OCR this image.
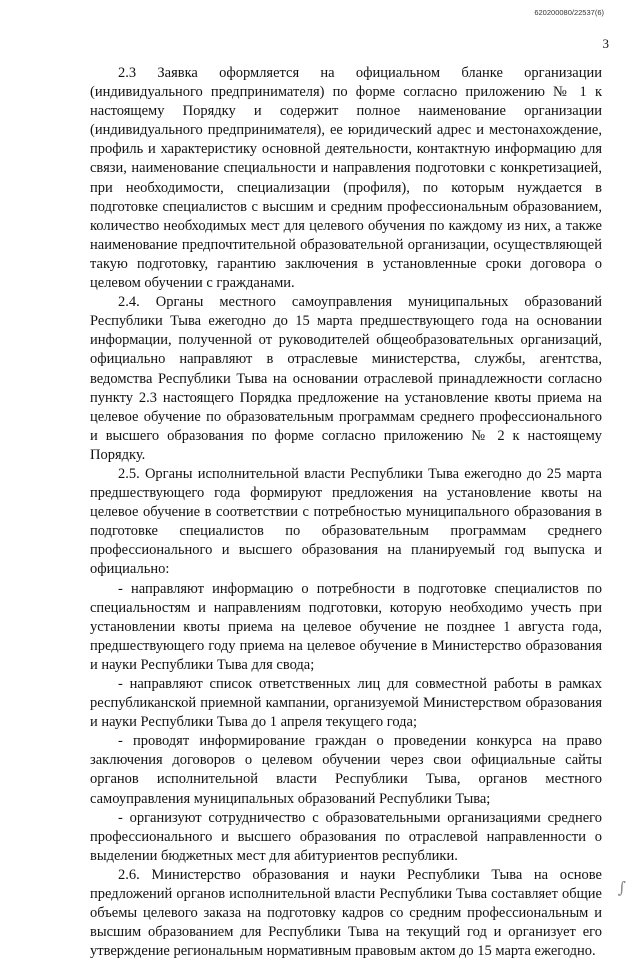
620200080/22537(6)
3

2.3 Заявка оформляется на официальном бланке организации (индивидуального предпринимателя) по форме согласно приложению № 1 к настоящему Порядку и содержит полное наименование организации (индивидуального предпринимателя), ее юридический адрес и местонахождение, профиль и характеристику основной деятельности, контактную информацию для связи, наименование специальности и направления подготовки с конкретизацией, при необходимости, специализации (профиля), по которым нуждается в подготовке специалистов с высшим и средним профессиональным образованием, количество необходимых мест для целевого обучения по каждому из них, а также наименование предпочтительной образовательной организации, осуществляющей такую подготовку, гарантию заключения в установленные сроки договора о целевом обучении с гражданами.

2.4. Органы местного самоуправления муниципальных образований Республики Тыва ежегодно до 15 марта предшествующего года на основании информации, полученной от руководителей общеобразовательных организаций, официально направляют в отраслевые министерства, службы, агентства, ведомства Республики Тыва на основании отраслевой принадлежности согласно пункту 2.3 настоящего Порядка предложение на установление квоты приема на целевое обучение по образовательным программам среднего профессионального и высшего образования по форме согласно приложению № 2 к настоящему Порядку.

2.5. Органы исполнительной власти Республики Тыва ежегодно до 25 марта предшествующего года формируют предложения на установление квоты на целевое обучение в соответствии с потребностью муниципального образования в подготовке специалистов по образовательным программам среднего профессионального и высшего образования на планируемый год выпуска и официально:

- направляют информацию о потребности в подготовке специалистов по специальностям и направлениям подготовки, которую необходимо учесть при установлении квоты приема на целевое обучение не позднее 1 августа года, предшествующего году приема на целевое обучение в Министерство образования и науки Республики Тыва для свода;

- направляют список ответственных лиц для совместной работы в рамках республиканской приемной кампании, организуемой Министерством образования и науки Республики Тыва до 1 апреля текущего года;

- проводят информирование граждан о проведении конкурса на право заключения договоров о целевом обучении через свои официальные сайты органов исполнительной власти Республики Тыва, органов местного самоуправления муниципальных образований Республики Тыва;

- организуют сотрудничество с образовательными организациями среднего профессионального и высшего образования по отраслевой направленности о выделении бюджетных мест для абитуриентов республики.

2.6. Министерство образования и науки Республики Тыва на основе предложений органов исполнительной власти Республики Тыва составляет общие объемы целевого заказа на подготовку кадров со средним профессиональным и высшим образованием для Республики Тыва на текущий год и организует его утверждение региональным нормативным правовым актом до 15 марта ежегодно.

∫
